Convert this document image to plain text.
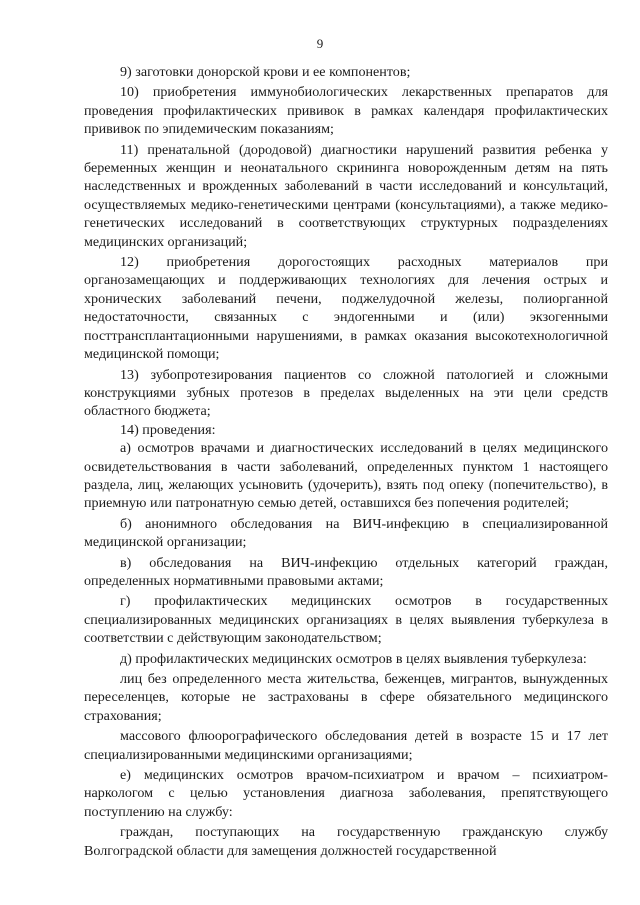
9

9) заготовки донорской крови и ее компонентов;

10) приобретения иммунобиологических лекарственных препаратов для проведения профилактических прививок в рамках календаря профилактических прививок по эпидемическим показаниям;

11) пренатальной (дородовой) диагностики нарушений развития ребенка у беременных женщин и неонатального скрининга новорожденным детям на пять наследственных и врожденных заболеваний в части исследований и консультаций, осуществляемых медико-генетическими центрами (консультациями), а также медико-генетических исследований в соответствующих структурных подразделениях медицинских организаций;

12) приобретения дорогостоящих расходных материалов при органозамещающих и поддерживающих технологиях для лечения острых и хронических заболеваний печени, поджелудочной железы, полиорганной недостаточности, связанных с эндогенными и (или) экзогенными посттрансплантационными нарушениями, в рамках оказания высокотехнологичной медицинской помощи;

13) зубопротезирования пациентов со сложной патологией и сложными конструкциями зубных протезов в пределах выделенных на эти цели средств областного бюджета;

14) проведения:

а) осмотров врачами и диагностических исследований в целях медицинского освидетельствования в части заболеваний, определенных пунктом 1 настоящего раздела, лиц, желающих усыновить (удочерить), взять под опеку (попечительство), в приемную или патронатную семью детей, оставшихся без попечения родителей;

б) анонимного обследования на ВИЧ-инфекцию в специализированной медицинской организации;

в) обследования на ВИЧ-инфекцию отдельных категорий граждан, определенных нормативными правовыми актами;

г) профилактических медицинских осмотров в государственных специализированных медицинских организациях в целях выявления туберкулеза в соответствии с действующим законодательством;

д) профилактических медицинских осмотров в целях выявления туберкулеза:

лиц без определенного места жительства, беженцев, мигрантов, вынужденных переселенцев, которые не застрахованы в сфере обязательного медицинского страхования;

массового флюорографического обследования детей в возрасте 15 и 17 лет специализированными медицинскими организациями;

е) медицинских осмотров врачом-психиатром и врачом – психиатром-наркологом с целью установления диагноза заболевания, препятствующего поступлению на службу:

граждан, поступающих на государственную гражданскую службу Волгоградской области для замещения должностей государственной
